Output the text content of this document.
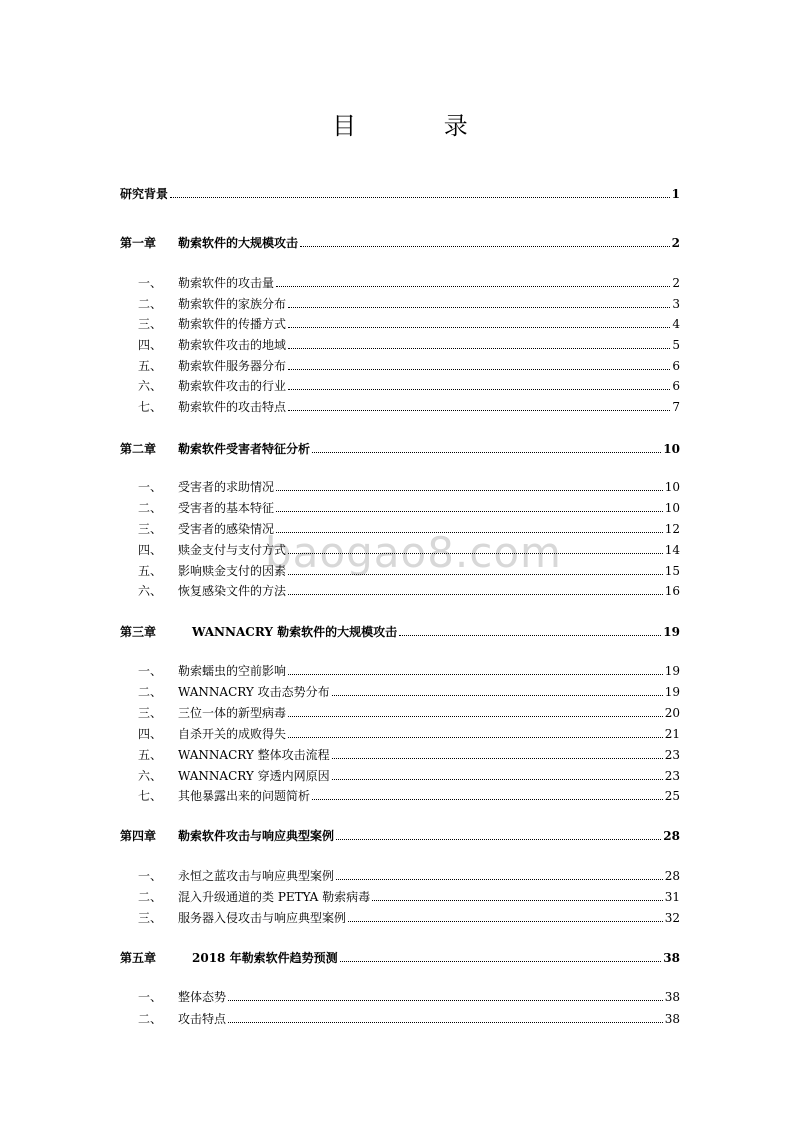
目 录
baogao8.com
研究背景	1
第一章	勒索软件的大规模攻击	2
一、	勒索软件的攻击量	2
二、	勒索软件的家族分布	3
三、	勒索软件的传播方式	4
四、	勒索软件攻击的地域	5
五、	勒索软件服务器分布	6
六、	勒索软件攻击的行业	6
七、	勒索软件的攻击特点	7
第二章	勒索软件受害者特征分析	10
一、	受害者的求助情况	10
二、	受害者的基本特征	10
三、	受害者的感染情况	12
四、	赎金支付与支付方式	14
五、	影响赎金支付的因素	15
六、	恢复感染文件的方法	16
第三章	WANNACRY 勒索软件的大规模攻击	19
一、	勒索蠕虫的空前影响	19
二、	WANNACRY 攻击态势分布	19
三、	三位一体的新型病毒	20
四、	自杀开关的成败得失	21
五、	WANNACRY 整体攻击流程	23
六、	WANNACRY 穿透内网原因	23
七、	其他暴露出来的问题简析	25
第四章	勒索软件攻击与响应典型案例	28
一、	永恒之蓝攻击与响应典型案例	28
二、	混入升级通道的类 PETYA 勒索病毒	31
三、	服务器入侵攻击与响应典型案例	32
第五章	2018 年勒索软件趋势预测	38
一、	整体态势	38
二、	攻击特点	38
